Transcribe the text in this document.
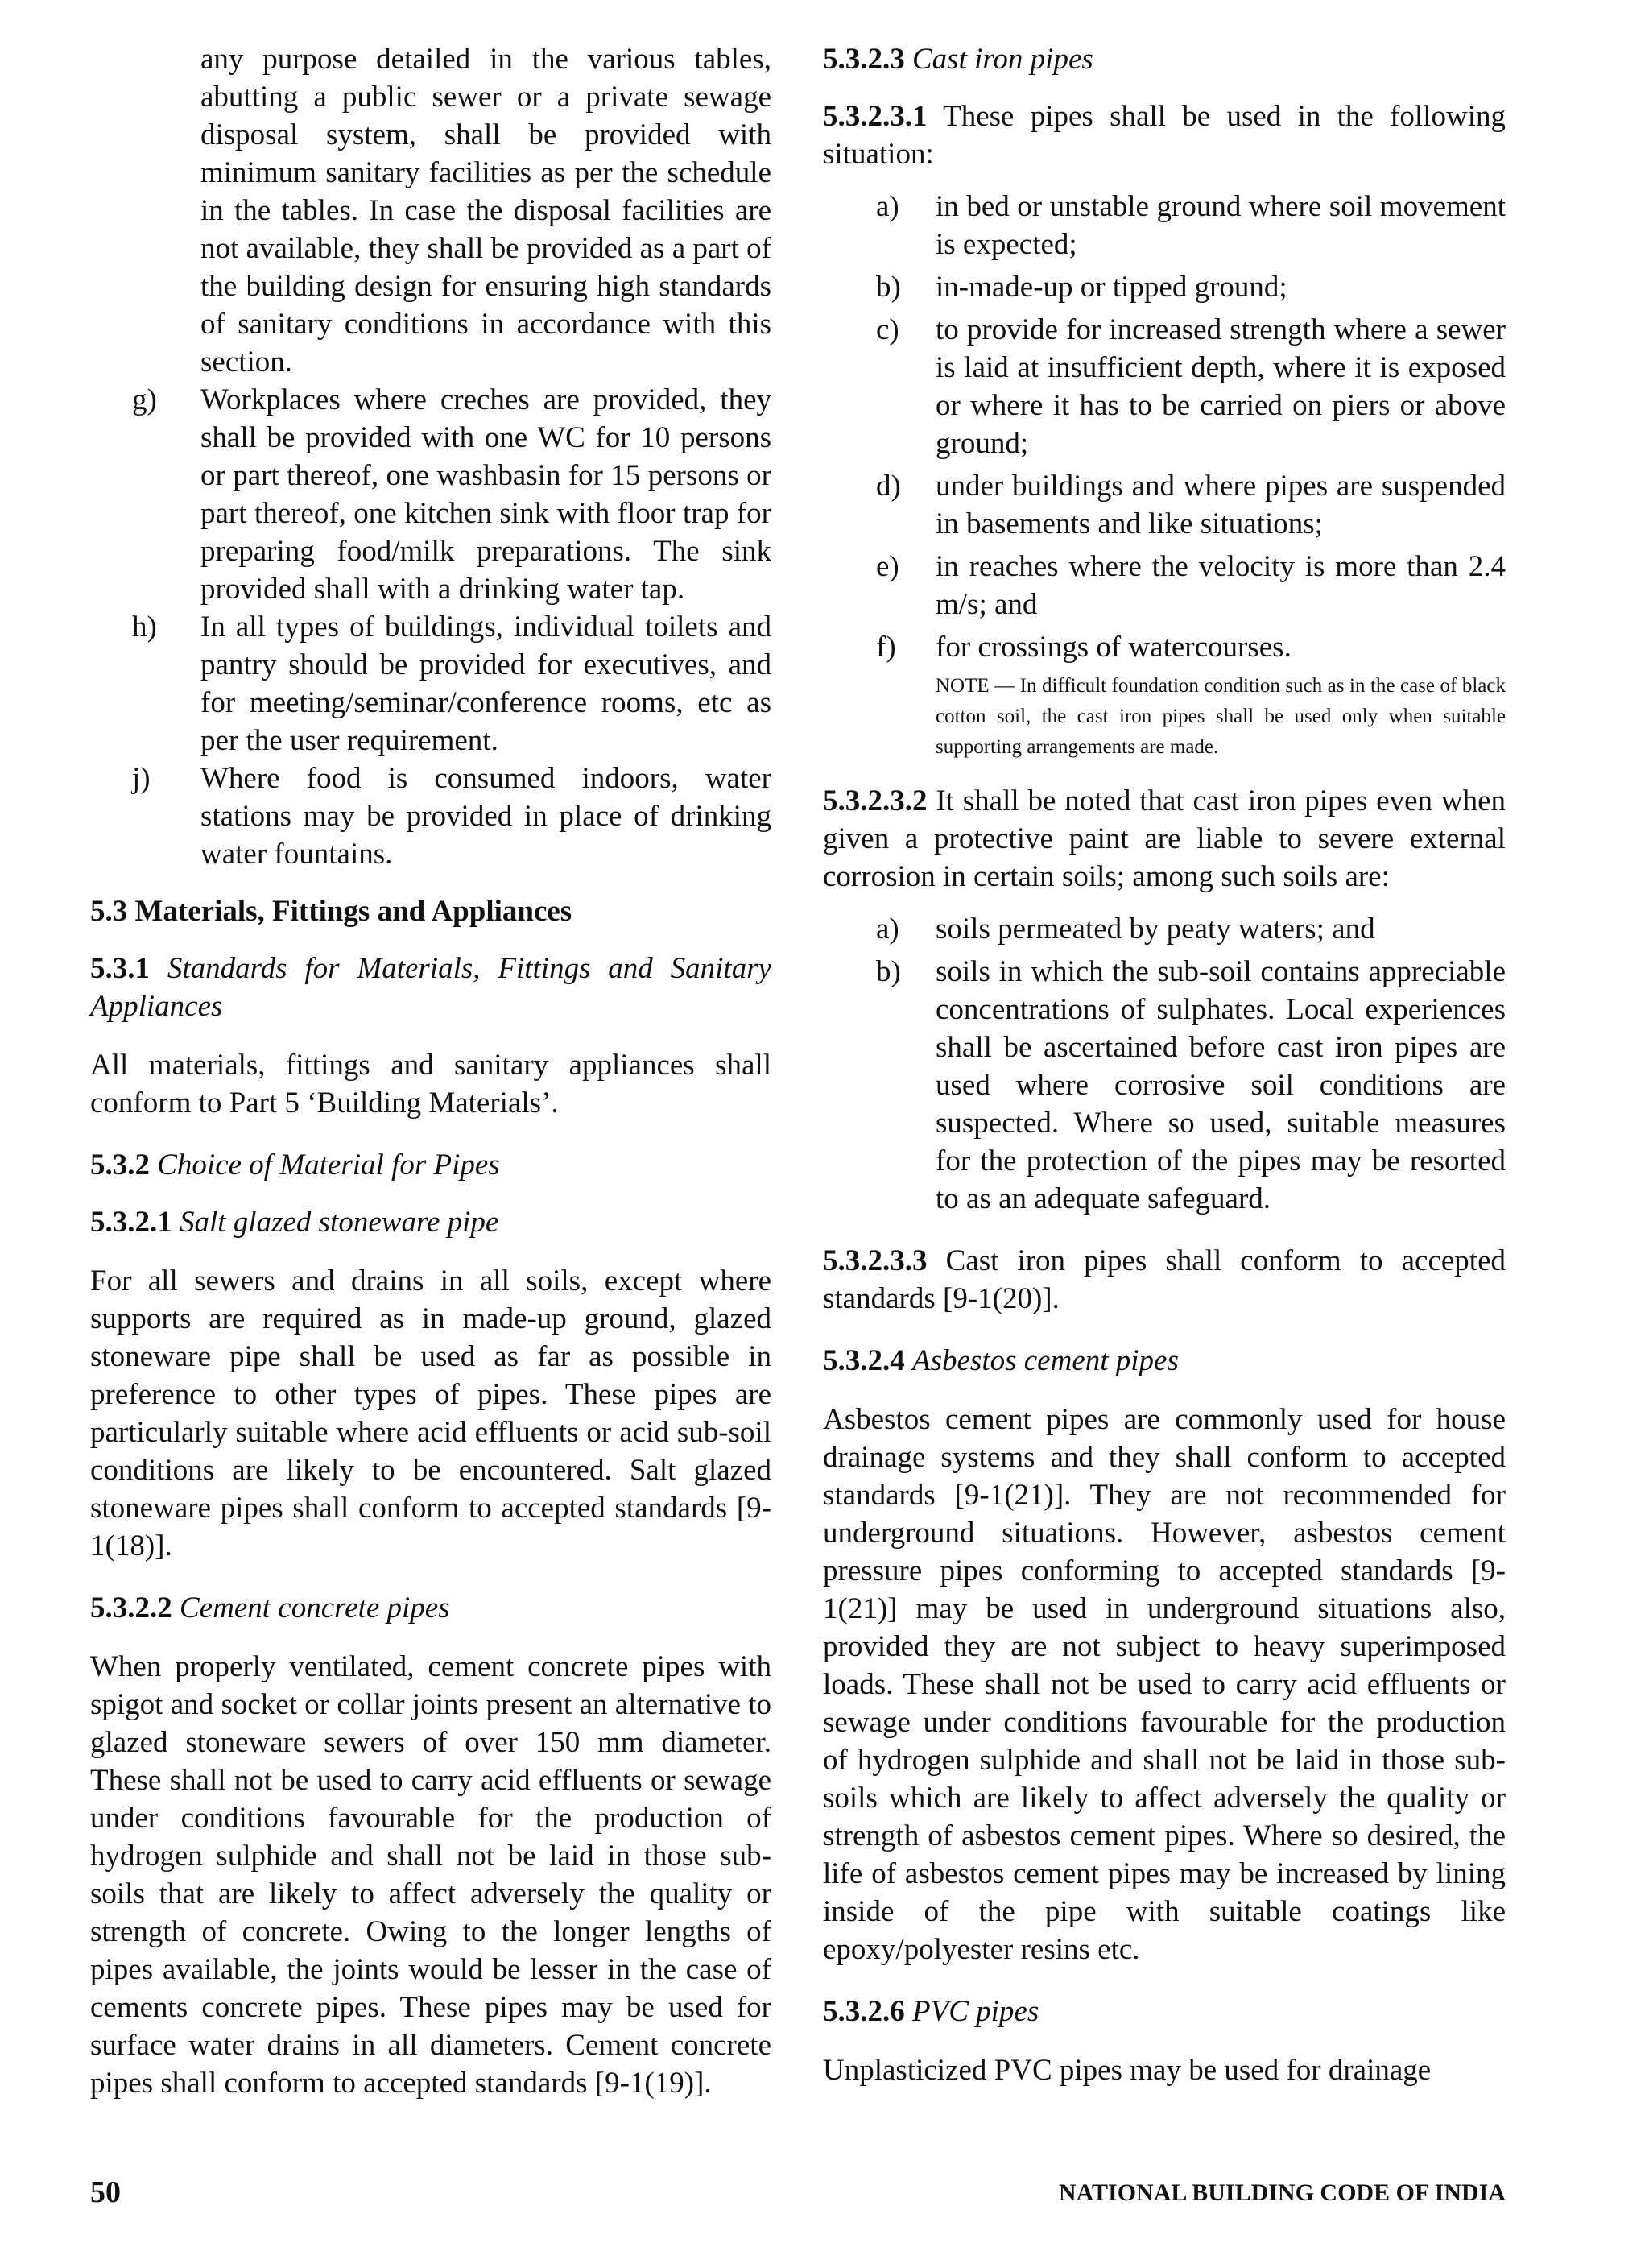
any purpose detailed in the various tables, abutting a public sewer or a private sewage disposal system, shall be provided with minimum sanitary facilities as per the schedule in the tables. In case the disposal facilities are not available, they shall be provided as a part of the building design for ensuring high standards of sanitary conditions in accordance with this section.

g) Workplaces where creches are provided, they shall be provided with one WC for 10 persons or part thereof, one washbasin for 15 persons or part thereof, one kitchen sink with floor trap for preparing food/milk preparations. The sink provided shall with a drinking water tap.
h) In all types of buildings, individual toilets and pantry should be provided for executives, and for meeting/seminar/conference rooms, etc as per the user requirement.
j) Where food is consumed indoors, water stations may be provided in place of drinking water fountains.

5.3 Materials, Fittings and Appliances

5.3.1 Standards for Materials, Fittings and Sanitary Appliances

All materials, fittings and sanitary appliances shall conform to Part 5 ‘Building Materials’.

5.3.2 Choice of Material for Pipes

5.3.2.1 Salt glazed stoneware pipe

For all sewers and drains in all soils, except where supports are required as in made-up ground, glazed stoneware pipe shall be used as far as possible in preference to other types of pipes. These pipes are particularly suitable where acid effluents or acid sub-soil conditions are likely to be encountered. Salt glazed stoneware pipes shall conform to accepted standards [9-1(18)].

5.3.2.2 Cement concrete pipes

When properly ventilated, cement concrete pipes with spigot and socket or collar joints present an alternative to glazed stoneware sewers of over 150 mm diameter. These shall not be used to carry acid effluents or sewage under conditions favourable for the production of hydrogen sulphide and shall not be laid in those sub-soils that are likely to affect adversely the quality or strength of concrete. Owing to the longer lengths of pipes available, the joints would be lesser in the case of cements concrete pipes. These pipes may be used for surface water drains in all diameters. Cement concrete pipes shall conform to accepted standards [9-1(19)].

5.3.2.3 Cast iron pipes

5.3.2.3.1 These pipes shall be used in the following situation:

a) in bed or unstable ground where soil movement is expected;
b) in-made-up or tipped ground;
c) to provide for increased strength where a sewer is laid at insufficient depth, where it is exposed or where it has to be carried on piers or above ground;
d) under buildings and where pipes are suspended in basements and like situations;
e) in reaches where the velocity is more than 2.4 m/s; and
f) for crossings of watercourses.

NOTE — In difficult foundation condition such as in the case of black cotton soil, the cast iron pipes shall be used only when suitable supporting arrangements are made.

5.3.2.3.2 It shall be noted that cast iron pipes even when given a protective paint are liable to severe external corrosion in certain soils; among such soils are:

a) soils permeated by peaty waters; and
b) soils in which the sub-soil contains appreciable concentrations of sulphates. Local experiences shall be ascertained before cast iron pipes are used where corrosive soil conditions are suspected. Where so used, suitable measures for the protection of the pipes may be resorted to as an adequate safeguard.

5.3.2.3.3 Cast iron pipes shall conform to accepted standards [9-1(20)].

5.3.2.4 Asbestos cement pipes

Asbestos cement pipes are commonly used for house drainage systems and they shall conform to accepted standards [9-1(21)]. They are not recommended for underground situations. However, asbestos cement pressure pipes conforming to accepted standards [9-1(21)] may be used in underground situations also, provided they are not subject to heavy superimposed loads. These shall not be used to carry acid effluents or sewage under conditions favourable for the production of hydrogen sulphide and shall not be laid in those sub-soils which are likely to affect adversely the quality or strength of asbestos cement pipes. Where so desired, the life of asbestos cement pipes may be increased by lining inside of the pipe with suitable coatings like epoxy/polyester resins etc.

5.3.2.6 PVC pipes

Unplasticized PVC pipes may be used for drainage

50	NATIONAL BUILDING CODE OF INDIA
